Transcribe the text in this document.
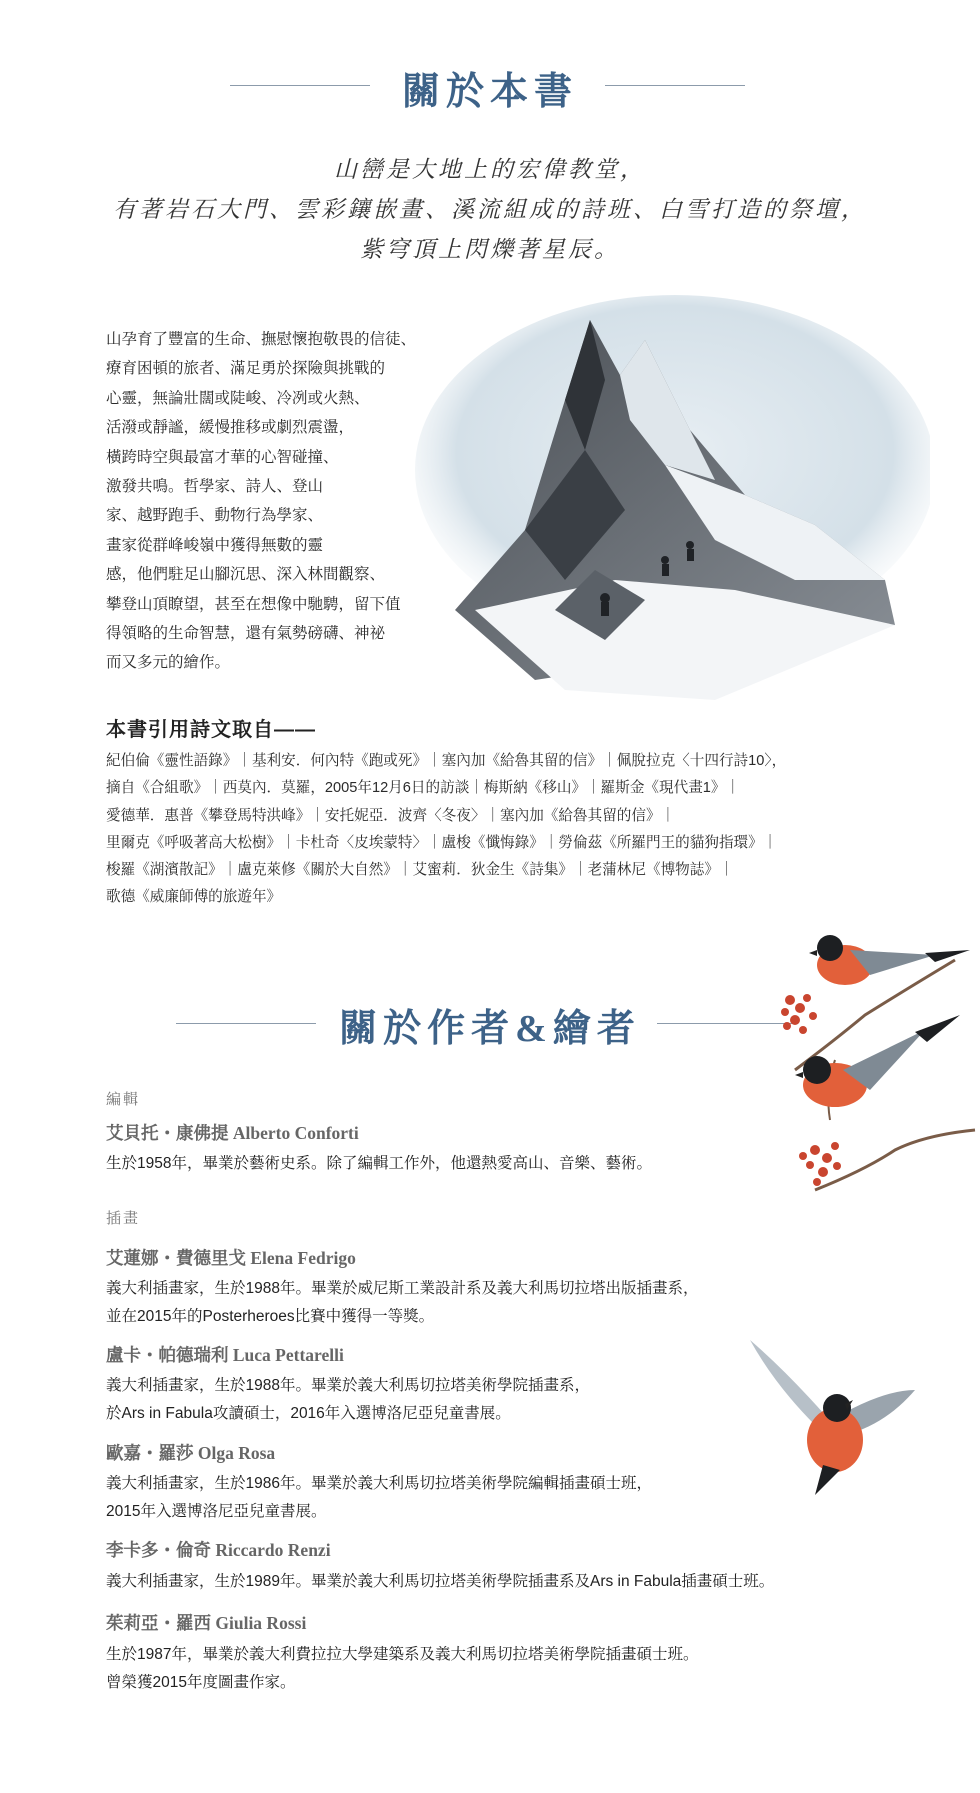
關於本書
山巒是大地上的宏偉教堂，
有著岩石大門、雲彩鑲嵌畫、溪流組成的詩班、白雪打造的祭壇，
紫穹頂上閃爍著星辰。
山孕育了豐富的生命、撫慰懷抱敬畏的信徒、
療育困頓的旅者、滿足勇於探險與挑戰的
心靈，無論壯闊或陡峻、冷冽或火熱、
活潑或靜謐，緩慢推移或劇烈震盪，
橫跨時空與最富才華的心智碰撞、
激發共鳴。哲學家、詩人、登山
家、越野跑手、動物行為學家、
畫家從群峰峻嶺中獲得無數的靈
感，他們駐足山腳沉思、深入林間觀察、
攀登山頂瞭望，甚至在想像中馳騁，留下值
得領略的生命智慧，還有氣勢磅礴、神祕
而又多元的繪作。
本書引用詩文取自——
紀伯倫《靈性語錄》｜基利安．何內特《跑或死》｜塞內加《給魯其留的信》｜佩脫拉克〈十四行詩10〉，
摘自《合組歌》｜西莫內．莫羅，2005年12月6日的訪談｜梅斯納《移山》｜羅斯金《現代畫1》｜
愛德華．惠普《攀登馬特洪峰》｜安托妮亞．波齊〈冬夜〉｜塞內加《給魯其留的信》｜
里爾克《呼吸著高大松樹》｜卡杜奇〈皮埃蒙特〉｜盧梭《懺悔錄》｜勞倫茲《所羅門王的貓狗指環》｜
梭羅《湖濱散記》｜盧克萊修《關於大自然》｜艾蜜莉．狄金生《詩集》｜老蒲林尼《博物誌》｜
歌德《威廉師傅的旅遊年》
關於作者&繪者
編輯
艾貝托・康佛提 Alberto Conforti
生於1958年，畢業於藝術史系。除了編輯工作外，他還熱愛高山、音樂、藝術。
插畫
艾蓮娜・費德里戈 Elena Fedrigo
義大利插畫家，生於1988年。畢業於威尼斯工業設計系及義大利馬切拉塔出版插畫系，
並在2015年的Posterheroes比賽中獲得一等獎。
盧卡・帕德瑞利 Luca Pettarelli
義大利插畫家，生於1988年。畢業於義大利馬切拉塔美術學院插畫系，
於Ars in Fabula攻讀碩士，2016年入選博洛尼亞兒童書展。
歐嘉・羅莎 Olga Rosa
義大利插畫家，生於1986年。畢業於義大利馬切拉塔美術學院編輯插畫碩士班，
2015年入選博洛尼亞兒童書展。
李卡多・倫奇 Riccardo Renzi
義大利插畫家，生於1989年。畢業於義大利馬切拉塔美術學院插畫系及Ars in Fabula插畫碩士班。
茱莉亞・羅西 Giulia Rossi
生於1987年，畢業於義大利費拉拉大學建築系及義大利馬切拉塔美術學院插畫碩士班。
曾榮獲2015年度圖畫作家。
